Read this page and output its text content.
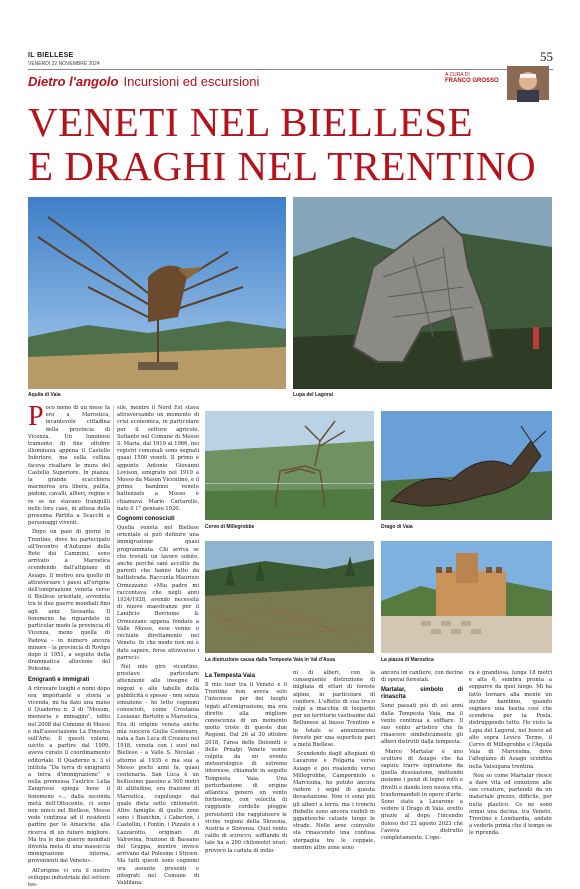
IL BIELLESE
VENERDÌ 22 NOVEMBRE 2024	55
Dietro l'angolo Incursioni ed escursioni	A CURA DI
FRANCO GROSSO
VENETI NEL BIELLESE
E DRAGHI NEL TRENTINO
Aquila di Vaia	Lupa del Lagorai
Cervo di Millegrobbe	Drago di Vaia
La distruzione causa dalla Tempesta Vaia in Val d'Assa	La piazza di Marostica

P oco meno di un mese fa ero a Marostica, incantevole cittadina della provincia di Vicenza. Un luminoso tramonto di fine ottobre illuminava appena il Castello Inferiore, ma sulla collina faceva risaltare le mura del Castello Superiore. In piazza, la grande scacchiera marmorea era libera, pulita, pedoni, cavalli, alfieri, regine e re se ne stavano tranquilli nelle loro case, in attesa della prossima Partita a Scacchi a personaggi viventi.

Dopo un paio di giorni in Trentino, dove ho partecipato all'Incontro d'Autunno della Rete dei Cammini, sono arrivato a Marostica scendendo dall'altipiano di Asiago. Il motivo era quello di attraversare i paesi all'origine dell'emigrazione veneta verso il Biellese orientale, avvenuta tra le due guerre mondiali fino agli anni Sessanta. Il fenomeno ha riguardato in particolar modo la provincia di Vicenza, meno quella di Padova – in numero ancora minore - la provincia di Rovigo dopo il 1951, a seguito della drammatica alluvione del Polesine.

Emigranti e immigrati

A ritrovare luoghi e nomi dopo era importante e storia a vicenda, mi ha dato una mano il Quaderno n. 3 di “Mosum, memoria e immagini”, edito nel 2008 dal Comune di Mosso e dall'associazione La Finestra sull'Arte. Il questi volumi, uscito a partire dal 1999, aveva curato il coordinamento editoriale. Il Quaderno n. 3 si intitola “Da terra di emigranti a terra d'immigrazione” e nella premessa l'autrice Lelia Zangrossi spiega bene il fenomeno «... dalla seconda metà dell'Ottocento, ci sono non unico nel Biellese, Mosso vede continua ad il residenti partire per le Americhe, alla ricerca di un futuro migliore. Ma tra le due guerre mondiali diventa meta di una massiccia immigrazione interna, provenienti dal Veneto».

All'origine vi era il nostro sviluppo industriale del settore tes-

sile, mentre il Nord Est stava attraversando un momento di crisi economica, in particolare per il settore agricolo. Soltanto nel Comune di Mosso S. Maria, dal 1919 al 1966, nei registri comunali sono segnati quasi 1500 veneti. Il primo è appunto Antonio Giovanni Lovison, emigrato nel 1919 a Mosso da Mason Vicentino, e il primo bambino veneto battezzato a Mosso è chiamava Mario Cartarello, nato il 1° gennaio 1920.

Cognomi conosciuti

Quella veneta nel Biellese orientale si può definire una immigrazione quasi programmata. Chi arriva se che trovati un lavoro subito, anche perché sanì accolto da parenti che hanno fatto da battistrada. Racconta Maurizio Ormezzano: «Mio padre mi raccontava che negli anni 1924/1928, avendo necessità di nuove maestranze per il Lanificio Borriome & Ormezzano appena fondato a Valle Mosso, esse venne o recluate direttamente nel Veneto. In che modo non mi è dato sapere, forse attraverso i parroci».

Nel mio giro vicentino, prestavo particolare attenzione alle insegne di negozi e alle tabelle della pubblicità e spesso - non senza emozione - ho letto cognomi conosciuti, come Crestania Lusianac Bertolin a Marostica, Era di origine veneta anche mia suocera Giulia Costenaro, nata a San Luca di Crosara nel 1918, venuta con i suoi nel Biellese - a Valle S. Nicolao - attorno al 1935 e ma sua a Mosso pochi anni fa, quasi centenaria. San Luca è un bellissimo paesino a 500 metri di altitudine, ora frazione di Marostica, capoluogo dal quale dista sette chilometri. Altre famiglie di quelle zone sono i Bianchin, i Caberlon, i Castellin, i Fontin, i Pizzato e i Lazzarotto, originari di Valrovina, frazione di Bassano del Grappa, mentre invece arrivano dal Polesine i Stivien. Ma tutti questi sono cognomi ora assunto presenti e integrati nel Comune di Valdilana.

La Tempesta Vaia

Il mio tour tra il Veneto e il Trentino non aveva solo l'interesse per dei luoghi legati all'emigrazione, ma era diretto alla migliore conoscenza di un momento molto triste di queste due Regioni. Dal 26 al 30 ottobre 2018, l'area delle Dolomiti e delle Prealpi Venete venne colpita da un evento meteorologico di estremo interesse, chiamato in seguito Tempesta Vaia. Una perturbazione di origine atlantica generò un vento fortissimo, con velocità di raggiunte cordelle pioggie persistenti che raggiunsero le vicine regioni della Slovenia, Austria e Slovenia. Quel vento caldo di scirocco, soffiando di tale ha a 200 chilometri orari, provocò la caduta di milio-

ni di alberi, con la conseguente distruzione di migliaia di ettari di foreste alpine, in particolare di conifere. L'effetto di sua troco colpì a macchia di leopardo per un territorio vastissimo dal Bellunese al basso Trentino e in totale si annunzarono foreste per una superficie pari a metà Biellese.

Scendendo dagli altopiani di Lavarone e Folgaria verso Asiago e poi risalendo verso Millegrobbe, Camporniolo e Marcesina, ho potuto ancora vedere i segni di questa devastazione. Non ci sono più gli alberi a terra, ma i tronchi disbelle sono ancora visibili in giganteschè cataste lungo le strade. Nelle aree coinvolte sta rinascendo una confusa sterpaglia tra le ceppaie, mentre altre zone sono

ancora un cantiere, con decine di operai forestali.

Martalar, simbolo di rinascita

Sono passati più di sei anni dalla Tempesta Vaia, ma il vento continua a soffiare. Il suo vento artistico che fa rinascere simbolicamente gli alberi distrutti dalla tempesta.

Marco Martalar è uno scultore di Asiago che ha saputo trarre ispirazione da quella desolazione, mettendo insieme i pezzi di legno rotti e divelti e dando loro nuova vita, trasformandoli in opere d'arte. Sono stato a Lavarone a vedere il Drago di Vaia, eretto grazie al dopo l'incendio doloso del 22 agosto 2023 che l'aveva distrutto completamente. L'ope-

ra è grandiosa, lunga 18 metri e alta 6, sembra pronta a sopparre da quel luogo. Mi ha fatto tornare alla mente un incubo bambino, quando sognavo una bestia così che scendeva per la Posla, distruggendo tutto. Ho visto la Lupa del Lagorai, nel bosco ad alto sopra Levico Terme, il Cervo di Millegrobbe e l'Aquila Vaia di Marcesina, dove l'altopiano di Asiago sconfina nella Valsugana trentina.

Non so come Martalar riesce a dare vita ed emozione alle sue creature, partendo da un materiale grezzo, difficile, per nulla plastico. Ce ne sono ormai una decina, tra Veneto, Trentino e Lombardia, andate a vederle prima che il tempo se le riprenda.
